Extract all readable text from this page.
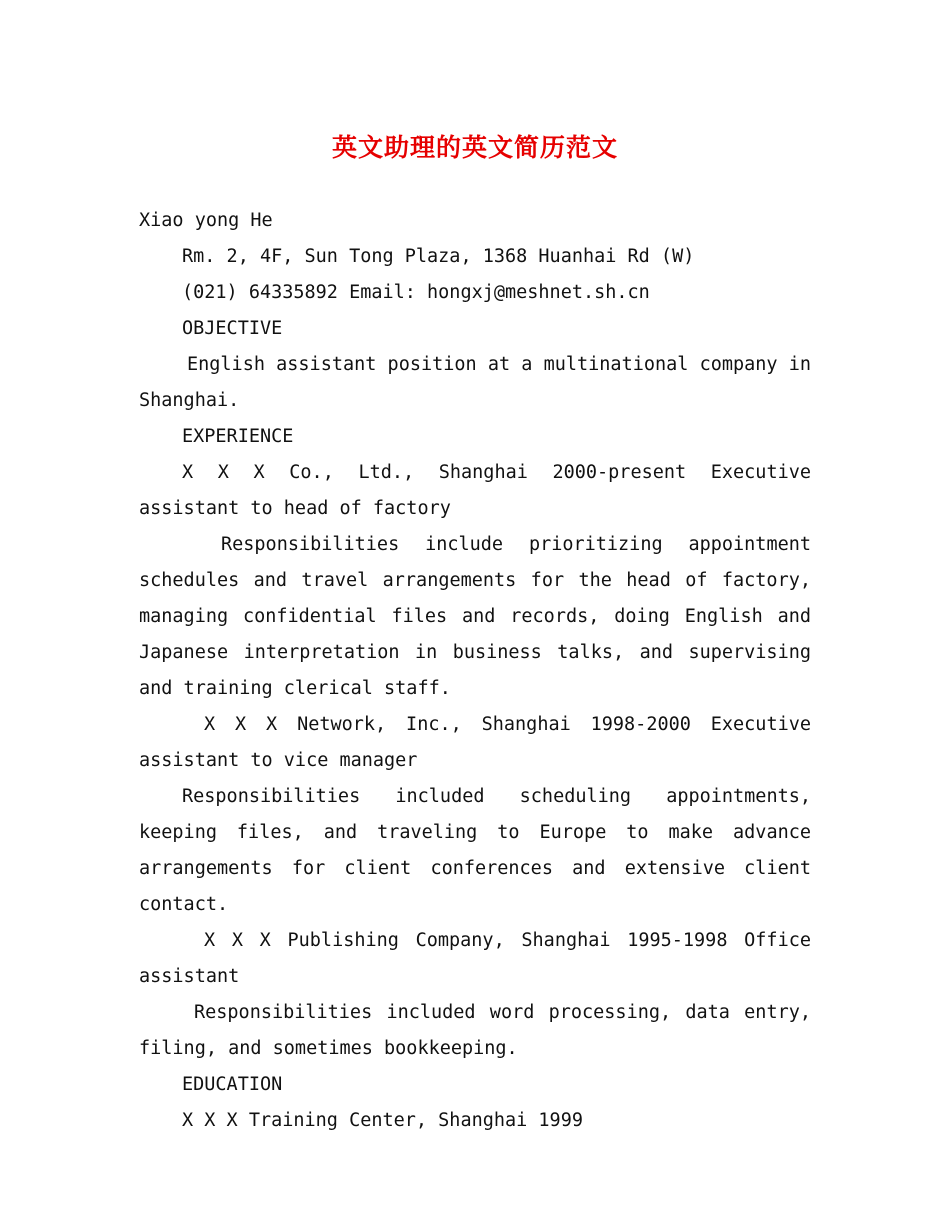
英文助理的英文简历范文

Xiao yong He

Rm. 2, 4F, Sun Tong Plaza, 1368 Huanhai Rd (W)

(021) 64335892 Email: hongxj@meshnet.sh.cn

OBJECTIVE

English assistant position at a multinational company in Shanghai.

EXPERIENCE

X X X Co., Ltd., Shanghai 2000-present Executive assistant to head of factory

Responsibilities include prioritizing appointment schedules and travel arrangements for the head of factory, managing confidential files and records, doing English and Japanese interpretation in business talks, and supervising and training clerical staff.

X X X Network, Inc., Shanghai 1998-2000 Executive assistant to vice manager

Responsibilities included scheduling appointments, keeping files, and traveling to Europe to make advance arrangements for client conferences and extensive client contact.

X X X Publishing Company, Shanghai 1995-1998 Office assistant

Responsibilities included word processing, data entry, filing, and sometimes bookkeeping.

EDUCATION

X X X Training Center, Shanghai 1999
